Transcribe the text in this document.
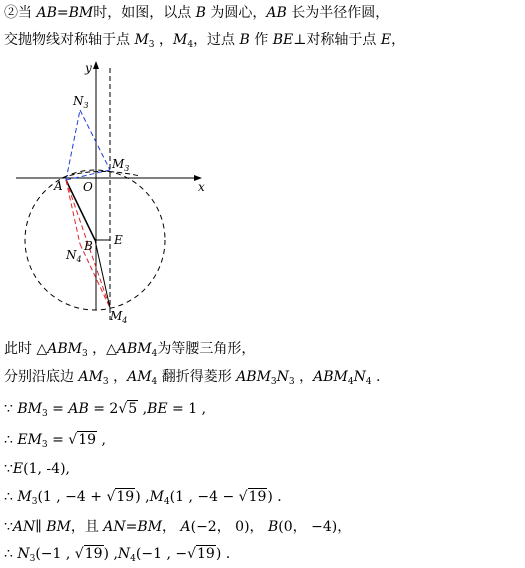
②当 AB=BM时，如图，以点 B 为圆心，AB 长为半径作圆，
交抛物线对称轴于点 $M_3$ ，$M_4$，过点 B 作 BE⊥对称轴于点 E，
x
y
$N_3$
$M_3$
A O
B E
$N_4$
$M_4$
此时 $\triangle ABM_3$ ，$\triangle ABM_4$为等腰三角形，
分别沿底边 $AM_3$ ，$AM_4$ 翻折得菱形 $ABM_3N_3$ ，$ABM_4N_4$ .
∵ $BM_3$ = AB = 2√5 ,BE = 1 ,
∴ $EM_3 = √19$ ,
∵E(1, -4),
∴ $M_3(1$ , −4 + √19) $,M_4(1$ , −4 − √19) .
∵AN∥ BM，且 AN=BM， A(−2， 0)， B(0， −4)，
∴ $N_3(-1$ , √19) $,N_4(-1$ , −√19) .
